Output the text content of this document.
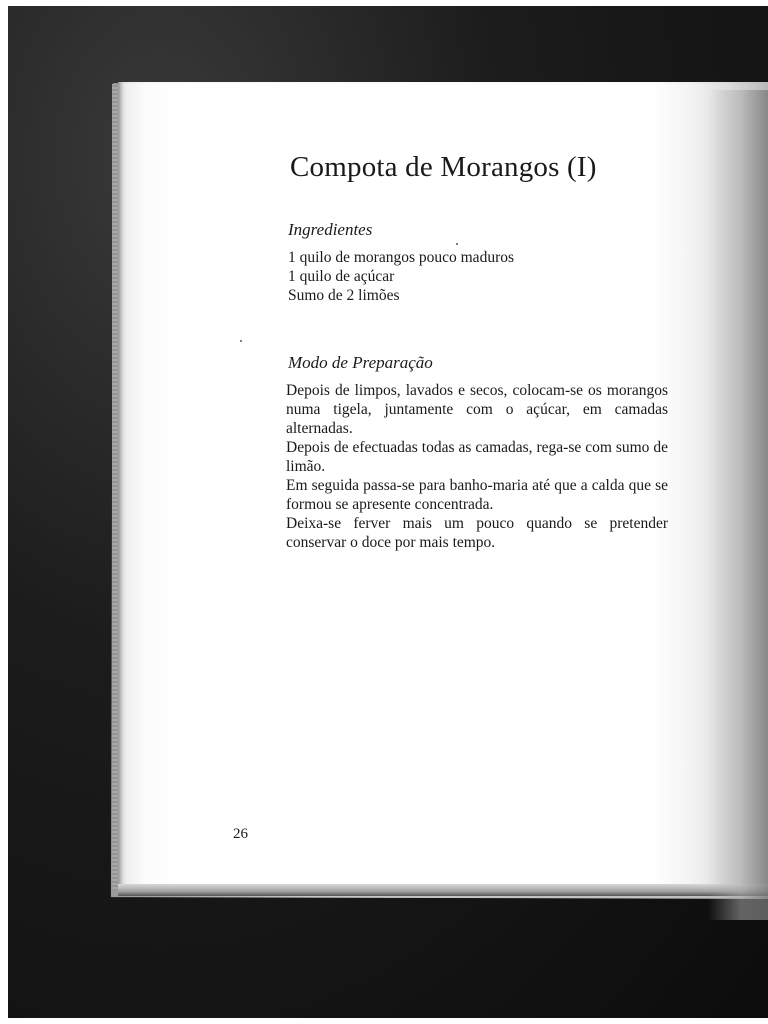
Compota de Morangos (I)
Ingredientes
1 quilo de morangos pouco maduros
1 quilo de açúcar
Sumo de 2 limões
Modo de Preparação

Depois de limpos, lavados e secos, colocam-se os morangos numa tigela, juntamente com o açúcar, em camadas alternadas.

Depois de efectuadas todas as camadas, rega-se com sumo de limão.

Em seguida passa-se para banho-maria até que a calda que se formou se apresente concentrada.

Deixa-se ferver mais um pouco quando se pretender conservar o doce por mais tempo.

26
